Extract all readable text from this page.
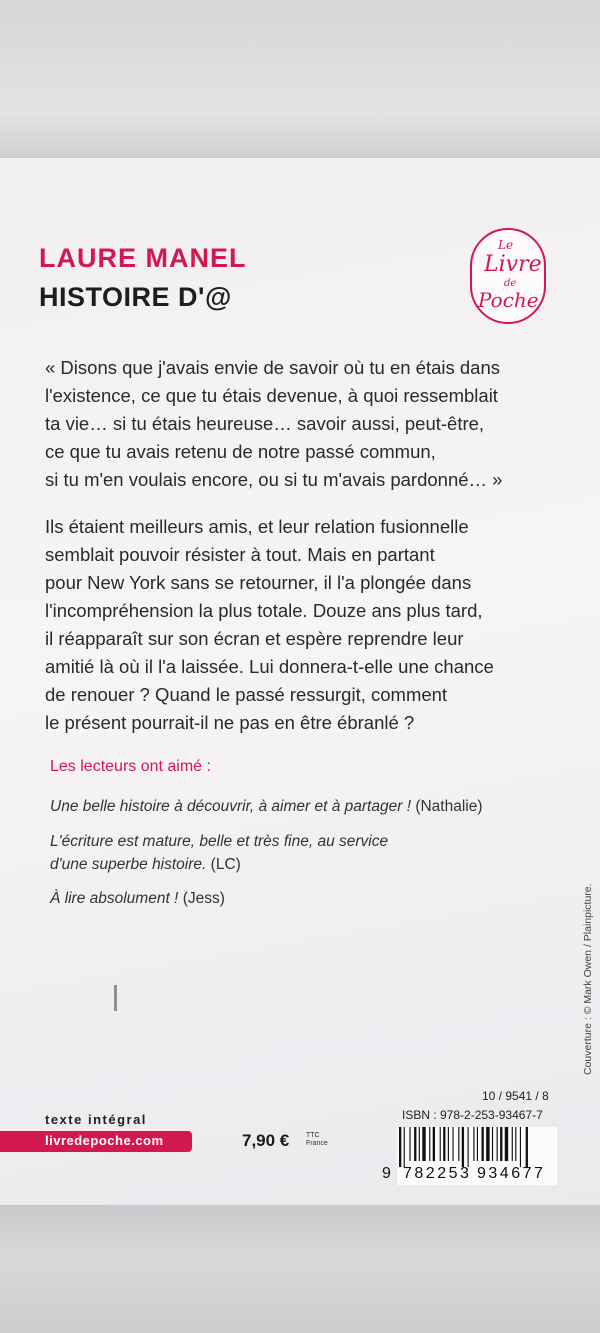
LAURE MANEL
HISTOIRE D'@
Le
Livre
de
Poche
« Disons que j'avais envie de savoir où tu en étais dans
l'existence, ce que tu étais devenue, à quoi ressemblait
ta vie… si tu étais heureuse… savoir aussi, peut-être,
ce que tu avais retenu de notre passé commun,
si tu m'en voulais encore, ou si tu m'avais pardonné… »
Ils étaient meilleurs amis, et leur relation fusionnelle
semblait pouvoir résister à tout. Mais en partant
pour New York sans se retourner, il l'a plongée dans
l'incompréhension la plus totale. Douze ans plus tard,
il réapparaît sur son écran et espère reprendre leur
amitié là où il l'a laissée. Lui donnera-t-elle une chance
de renouer ? Quand le passé ressurgit, comment
le présent pourrait-il ne pas en être ébranlé ?

Les lecteurs ont aimé :

Une belle histoire à découvrir, à aimer et à partager ! (Nathalie)

L'écriture est mature, belle et très fine, au service
d'une superbe histoire. (LC)

À lire absolument ! (Jess)	Couverture : © Mark Owen / Plainpicture.

texte intégral

livredepoche.com	7,90 € TTC
France

10 / 9541 / 8

ISBN : 978-2-253-93467-7

9 782253 934677
